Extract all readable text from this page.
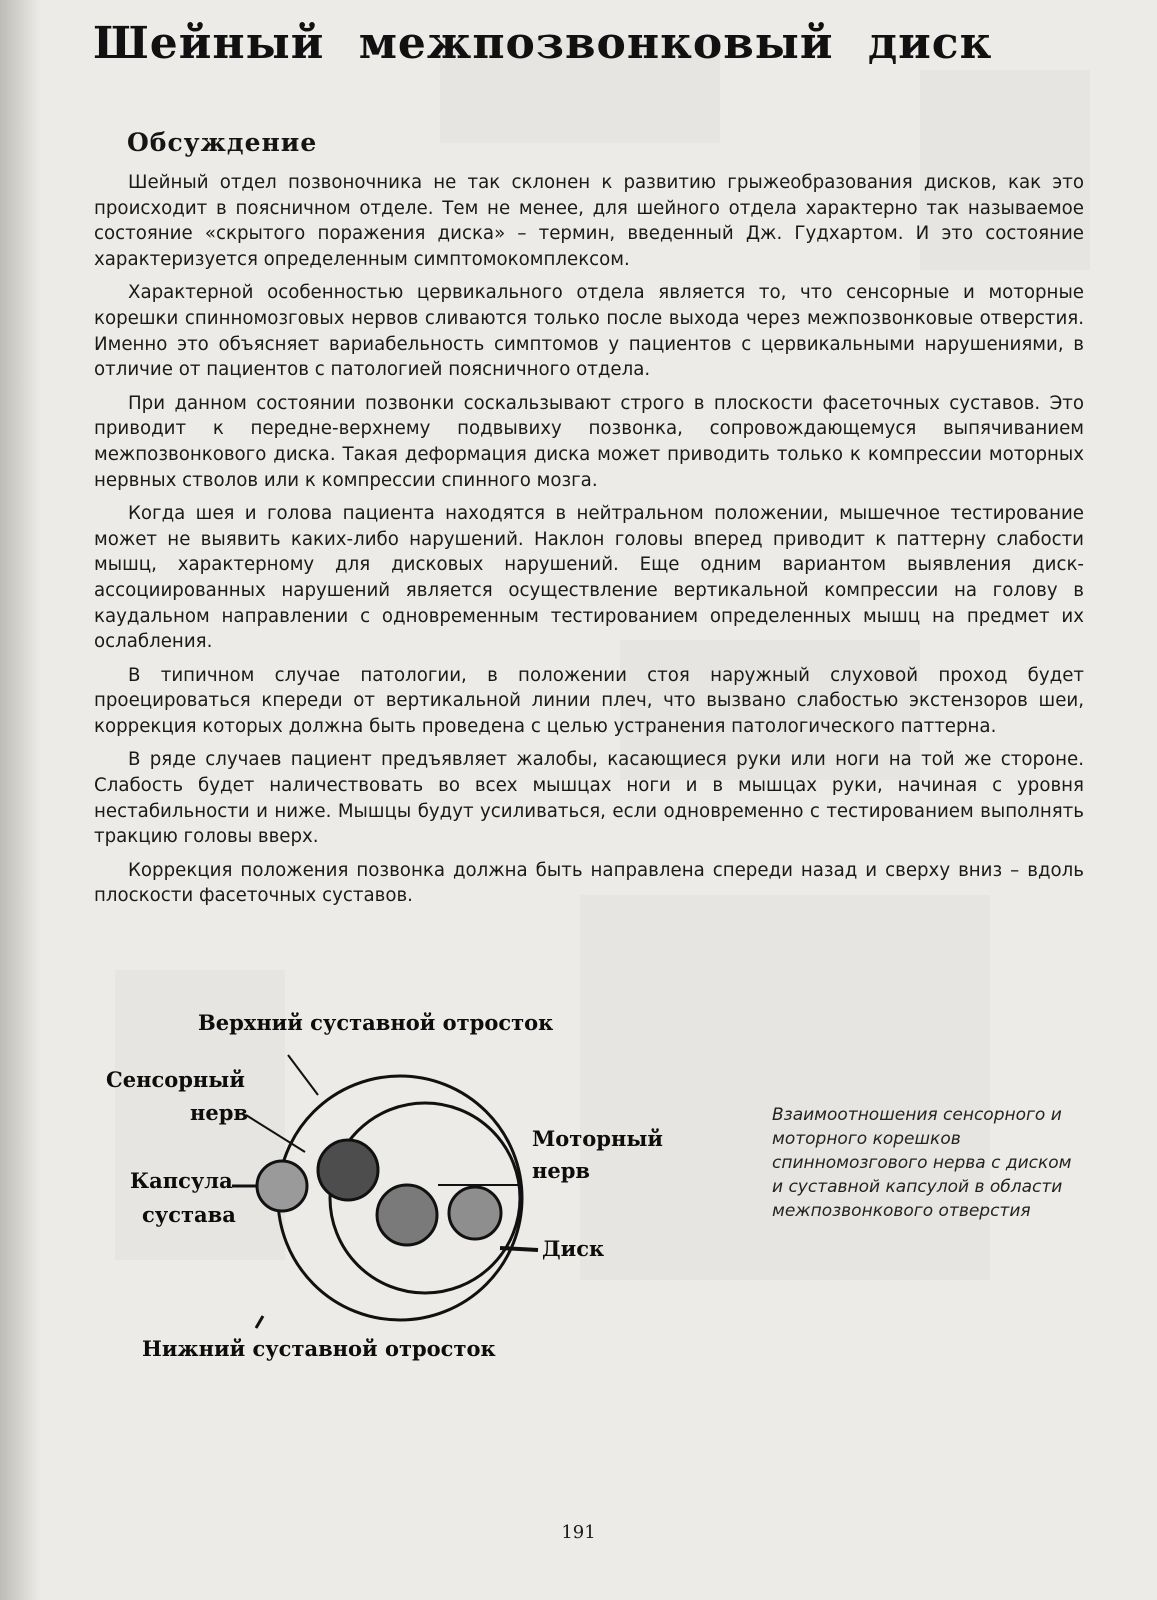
Шейный межпозвонковый диск
Обсуждение

Шейный отдел позвоночника не так склонен к развитию грыжеобразования дисков, как это происходит в поясничном отделе. Тем не менее, для шейного отдела характерно так называемое состояние «скрытого поражения диска» – термин, введенный Дж. Гудхартом. И это состояние характеризуется определенным симптомокомплексом.

Характерной особенностью цервикального отдела является то, что сенсорные и моторные корешки спинномозговых нервов сливаются только после выхода через межпозвонковые отверстия. Именно это объясняет вариабельность симптомов у пациентов с цервикальными нарушениями, в отличие от пациентов с патологией поясничного отдела.

При данном состоянии позвонки соскальзывают строго в плоскости фасеточных суставов. Это приводит к передне-верхнему подвывиху позвонка, сопровождающемуся выпячиванием межпозвонкового диска. Такая деформация диска может приводить только к компрессии моторных нервных стволов или к компрессии спинного мозга.

Когда шея и голова пациента находятся в нейтральном положении, мышечное тестирование может не выявить каких-либо нарушений. Наклон головы вперед приводит к паттерну слабости мышц, характерному для дисковых нарушений. Еще одним вариантом выявления диск-ассоциированных нарушений является осуществление вертикальной компрессии на голову в каудальном направлении с одновременным тестированием определенных мышц на предмет их ослабления.

В типичном случае патологии, в положении стоя наружный слуховой проход будет проецироваться кпереди от вертикальной линии плеч, что вызвано слабостью экстензоров шеи, коррекция которых должна быть проведена с целью устранения патологического паттерна.

В ряде случаев пациент предъявляет жалобы, касающиеся руки или ноги на той же стороне. Слабость будет наличествовать во всех мышцах ноги и в мышцах руки, начиная с уровня нестабильности и ниже. Мышцы будут усиливаться, если одновременно с тестированием выполнять тракцию головы вверх.

Коррекция положения позвонка должна быть направлена спереди назад и сверху вниз – вдоль плоскости фасеточных суставов.

Верхний суставной отросток
Сенсорный
нерв
Капсула
сустава
Моторный
нерв
Диск
Нижний суставной отросток

Взаимоотношения сенсорного и моторного корешков спинномозгового нерва с диском и суставной капсулой в области межпозвонкового отверстия

191
